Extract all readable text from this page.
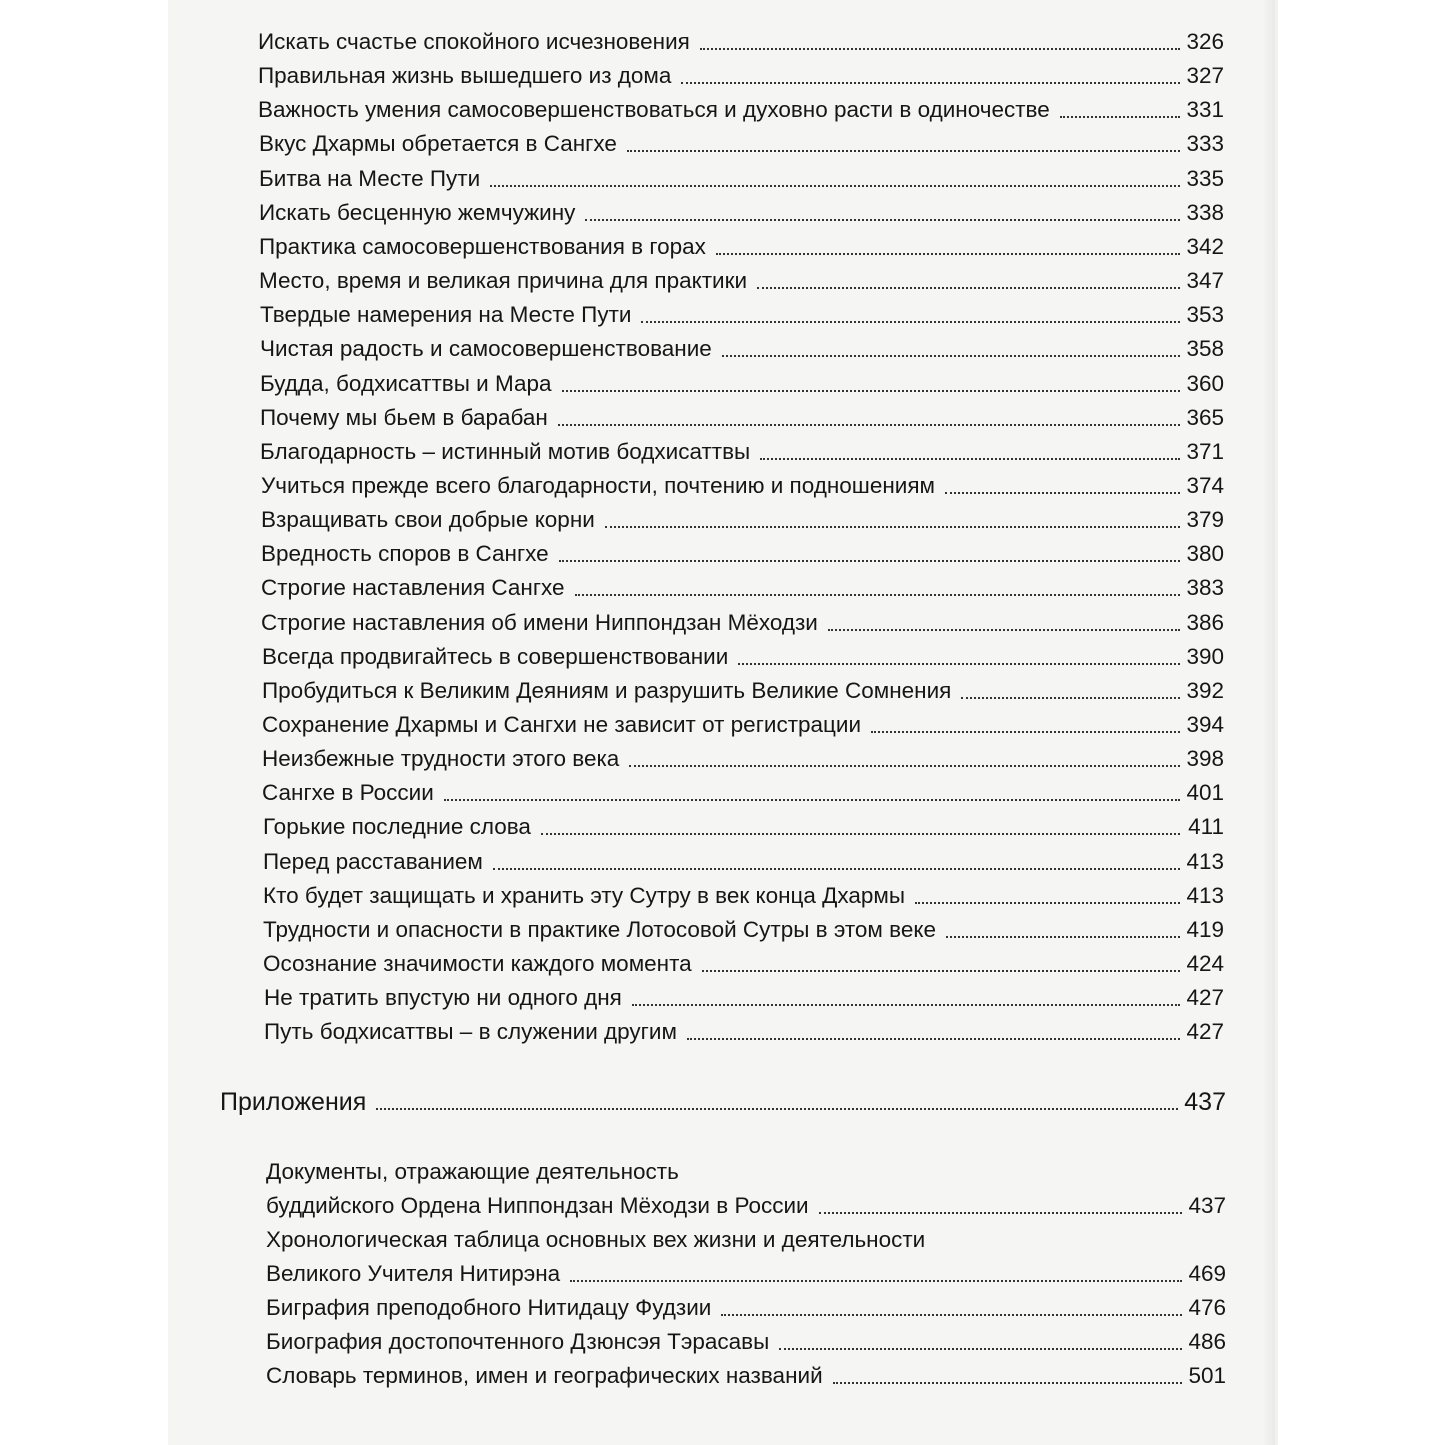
Искать счастье спокойного исчезновения	326
Правильная жизнь вышедшего из дома	327
Важность умения самосовершенствоваться и духовно расти в одиночестве	331
Вкус Дхармы обретается в Сангхе	333
Битва на Месте Пути	335
Искать бесценную жемчужину	338
Практика самосовершенствования в горах	342
Место, время и великая причина для практики	347
Твердые намерения на Месте Пути	353
Чистая радость и самосовершенствование	358
Будда, бодхисаттвы и Мара	360
Почему мы бьем в барабан	365
Благодарность – истинный мотив бодхисаттвы	371
Учиться прежде всего благодарности, почтению и подношениям	374
Взращивать свои добрые корни	379
Вредность споров в Сангхе	380
Строгие наставления Сангхе	383
Строгие наставления об имени Ниппондзан Мёходзи	386
Всегда продвигайтесь в совершенствовании	390
Пробудиться к Великим Деяниям и разрушить Великие Сомнения	392
Сохранение Дхармы и Сангхи не зависит от регистрации	394
Неизбежные трудности этого века	398
Сангхе в России	401
Горькие последние слова	411
Перед расставанием	413
Кто будет защищать и хранить эту Сутру в век конца Дхармы	413
Трудности и опасности в практике Лотосовой Сутры в этом веке	419
Осознание значимости каждого момента	424
Не тратить впустую ни одного дня	427
Путь бодхисаттвы – в служении другим	427
Приложения	437
Документы, отражающие деятельность
буддийского Ордена Ниппондзан Мёходзи в России	437
Хронологическая таблица основных вех жизни и деятельности
Великого Учителя Нитирэна	469
Биграфия преподобного Нитидацу Фудзии	476
Биография достопочтенного Дзюнсэя Тэрасавы	486
Словарь терминов, имен и географических названий	501
